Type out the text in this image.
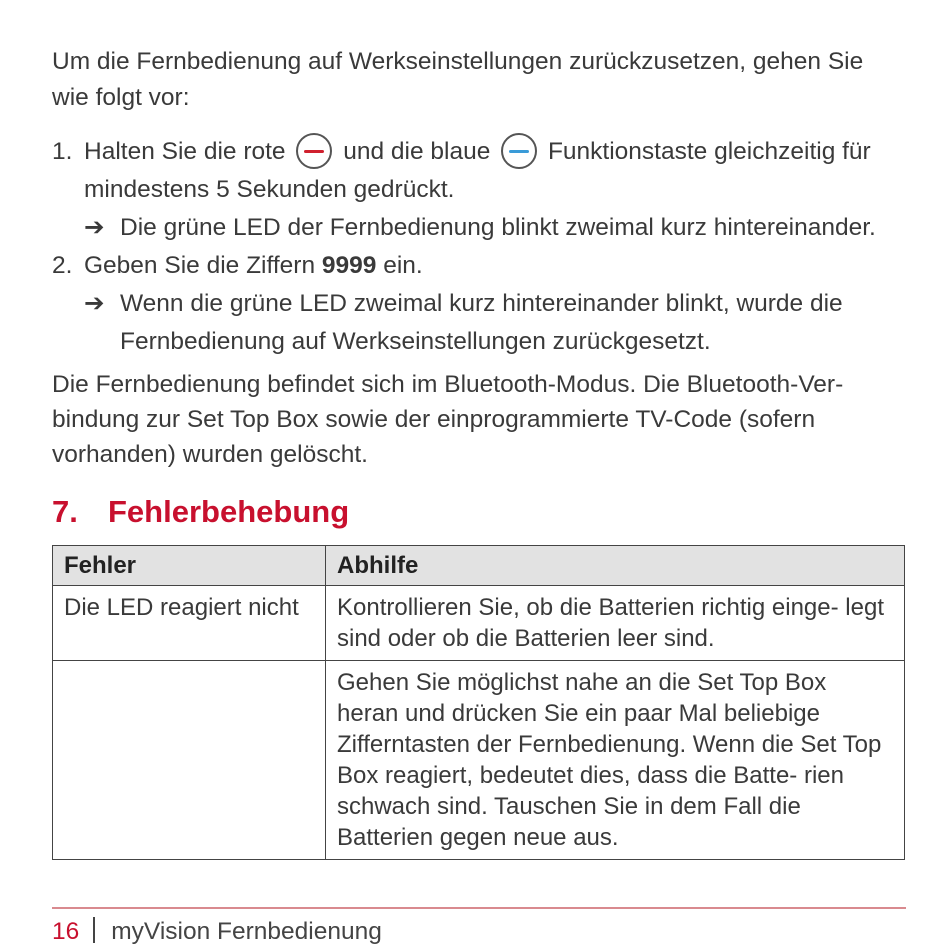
Um die Fernbedienung auf Werkseinstellungen zurückzusetzen, gehen Sie wie folgt vor:

1. Halten Sie die rote und die blaue Funktionstaste gleichzeitig für mindestens 5 Sekunden gedrückt.
➔ Die grüne LED der Fernbedienung blinkt zweimal kurz hintereinander.
2. Geben Sie die Ziffern 9999 ein.
➔ Wenn die grüne LED zweimal kurz hintereinander blinkt, wurde die Fernbedienung auf Werkseinstellungen zurückgesetzt.

Die Fernbedienung befindet sich im Bluetooth-Modus. Die Bluetooth-Ver- bindung zur Set Top Box sowie der einprogrammierte TV-Code (sofern vorhanden) wurden gelöscht.

7. Fehlerbehebung
Fehler	Abhilfe
Die LED reagiert nicht	Kontrollieren Sie, ob die Batterien richtig einge- legt sind oder ob die Batterien leer sind.
	Gehen Sie möglichst nahe an die Set Top Box heran und drücken Sie ein paar Mal beliebige Zifferntasten der Fernbedienung. Wenn die Set Top Box reagiert, bedeutet dies, dass die Batte- rien schwach sind. Tauschen Sie in dem Fall die Batterien gegen neue aus.
16 myVision Fernbedienung
